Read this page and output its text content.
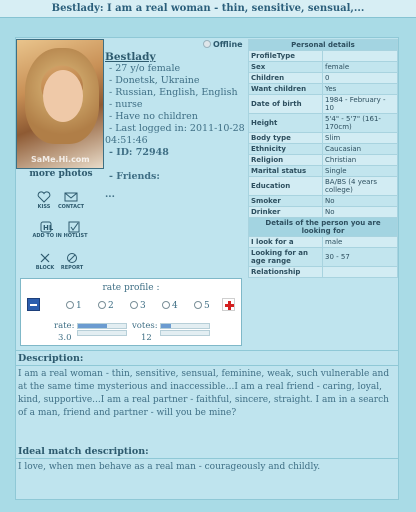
Bestlady: I am a real woman - thin, sensitive, sensual,...
SaMe.Hi.com
more photos
KISS	CONTACT
HL
ADD TO IN HOTLIST
BLOCK	REPORT
Offline
Bestlady
- 27 y/o female
- Donetsk, Ukraine
- Russian, English, English
- nurse
- Have no children
- Last logged in: 2011-10-28
04:51:46
- ID: 72948
- Friends:
...
Personal details	
ProfileType	
Sex	female
Children	0
Want children	Yes
Date of birth	1984 - February - 10
Height	5'4" - 5'7" (161-170cm)
Body type	Slim
Ethnicity	Caucasian
Religion	Christian
Marital status	Single
Education	BA/BS (4 years college)
Smoker	No
Drinker	No
Details of the person you are looking for	
I look for a	male
Looking for an age range	30 - 57
Relationship	
rate profile :
1	2	3	4	5
rate:
3.0
votes:
12
Description:
I am a real woman - thin, sensitive, sensual, feminine, weak, such vulnerable and at the same time mysterious and inaccessible...I am a real friend - caring, loyal, kind, supportive...I am a real partner - faithful, sincere, straight. I am in a search of a man, friend and partner - will you be mine?
Ideal match description:
I love, when men behave as a real man - courageously and childly.
